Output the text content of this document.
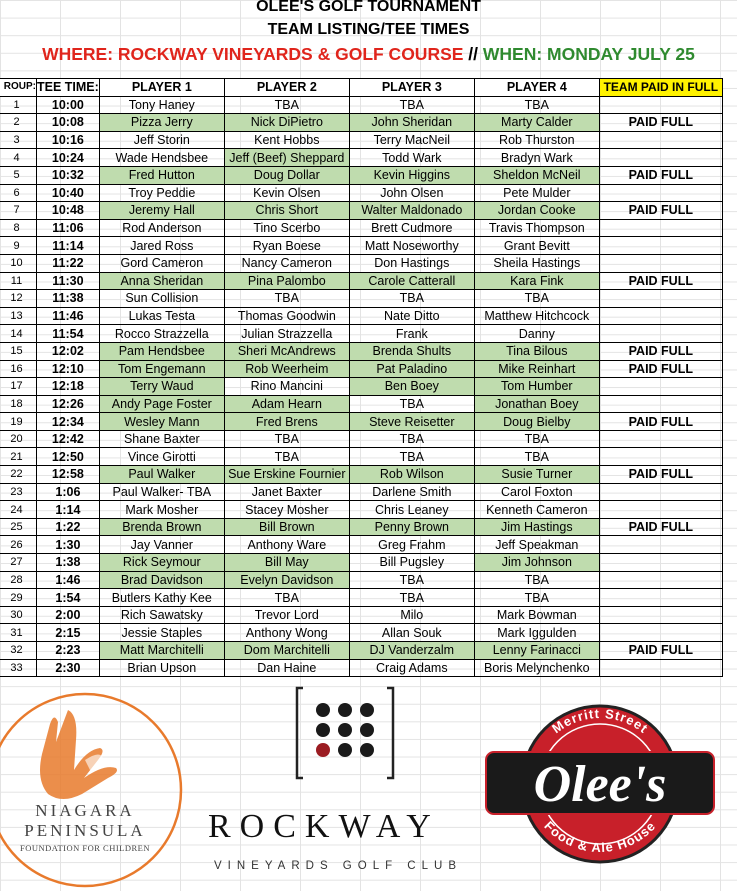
OLEE'S GOLF TOURNAMENT
TEAM LISTING/TEE TIMES
WHERE: ROCKWAY VINEYARDS & GOLF COURSE // WHEN: MONDAY JULY 25
ROUP:	TEE TIME:	PLAYER 1	PLAYER 2	PLAYER 3	PLAYER 4	TEAM PAID IN FULL
1	10:00	Tony Haney	TBA	TBA	TBA	
2	10:08	Pizza Jerry	Nick DiPietro	John Sheridan	Marty Calder	PAID FULL
3	10:16	Jeff Storin	Kent Hobbs	Terry MacNeil	Rob Thurston	
4	10:24	Wade Hendsbee	Jeff (Beef) Sheppard	Todd Wark	Bradyn Wark	
5	10:32	Fred Hutton	Doug Dollar	Kevin Higgins	Sheldon McNeil	PAID FULL
6	10:40	Troy Peddie	Kevin Olsen	John Olsen	Pete Mulder	
7	10:48	Jeremy Hall	Chris Short	Walter Maldonado	Jordan Cooke	PAID FULL
8	11:06	Rod Anderson	Tino Scerbo	Brett Cudmore	Travis Thompson	
9	11:14	Jared Ross	Ryan Boese	Matt Noseworthy	Grant Bevitt	
10	11:22	Gord Cameron	Nancy Cameron	Don Hastings	Sheila Hastings	
11	11:30	Anna Sheridan	Pina Palombo	Carole Catterall	Kara Fink	PAID FULL
12	11:38	Sun Collision	TBA	TBA	TBA	
13	11:46	Lukas Testa	Thomas Goodwin	Nate Ditto	Matthew Hitchcock	
14	11:54	Rocco Strazzella	Julian Strazzella	Frank	Danny	
15	12:02	Pam Hendsbee	Sheri McAndrews	Brenda Shults	Tina Bilous	PAID FULL
16	12:10	Tom Engemann	Rob Weerheim	Pat Paladino	Mike Reinhart	PAID FULL
17	12:18	Terry Waud	Rino Mancini	Ben Boey	Tom Humber	
18	12:26	Andy Page Foster	Adam Hearn	TBA	Jonathan Boey	
19	12:34	Wesley Mann	Fred Brens	Steve Reisetter	Doug Bielby	PAID FULL
20	12:42	Shane Baxter	TBA	TBA	TBA	
21	12:50	Vince Girotti	TBA	TBA	TBA	
22	12:58	Paul Walker	Sue Erskine Fournier	Rob Wilson	Susie Turner	PAID FULL
23	1:06	Paul Walker- TBA	Janet Baxter	Darlene Smith	Carol Foxton	
24	1:14	Mark Mosher	Stacey Mosher	Chris Leaney	Kenneth Cameron	
25	1:22	Brenda Brown	Bill Brown	Penny Brown	Jim Hastings	PAID FULL
26	1:30	Jay Vanner	Anthony Ware	Greg Frahm	Jeff Speakman	
27	1:38	Rick Seymour	Bill May	Bill Pugsley	Jim Johnson	
28	1:46	Brad Davidson	Evelyn Davidson	TBA	TBA	
29	1:54	Butlers Kathy Kee	TBA	TBA	TBA	
30	2:00	Rich Sawatsky	Trevor Lord	Milo	Mark Bowman	
31	2:15	Jessie Staples	Anthony Wong	Allan Souk	Mark Iggulden	
32	2:23	Matt Marchitelli	Dom Marchitelli	DJ Vanderzalm	Lenny Farinacci	PAID FULL
33	2:30	Brian Upson	Dan Haine	Craig Adams	Boris Melynchenko	
NIAGARA
PENINSULA
FOUNDATION FOR CHILDREN
ROCKWAY
VINEYARDS GOLF CLUB
Merritt Street
Olee's
Food & Ale House
